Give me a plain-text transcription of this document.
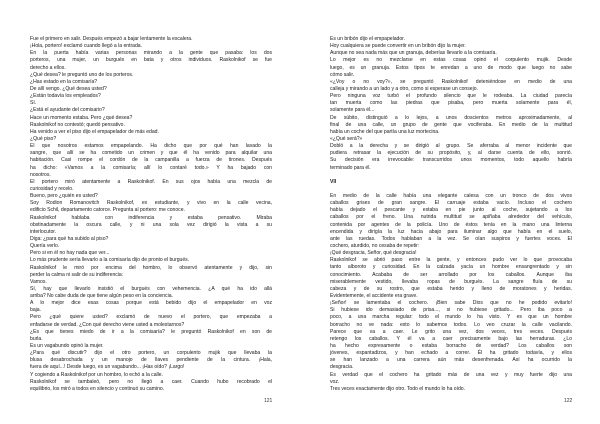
Fue el primero en salir. Después empezó a bajar lentamente la escalera.
¡Hola, portero! exclamó cuando llegó a la entrada.
En la puerta había varias personas mirando a la gente que pasaba: los dos
porteros, una mujer, un burgués en bata y otros individuos. Raskolnikof se fue
derecho a ellos.
¿Qué desea? le preguntó uno de los porteros.
¿Has estado en la comisaría?
De allí vengo. ¿Qué desea usted?
¿Están todavía los empleados?
Sí.
¿Está el ayudante del comisario?
Hace un momento estaba. Pero ¿qué desea?
Raskolnikof no contestó; quedó pensativo.
Ha venido a ver el piso dijo el empapelador de más edad.
¿Qué piso?
El que nosotros estamos empapelando. Ha dicho que por qué han lavado la
sangre, que allí se ha cometido un crimen y que él ha venido para alquilar una
habitación. Casi rompe el cordón de la campanilla a fuerza de tirones. Después
ha dicho: «Vamos a la comisaría; allí lo contaré todo.» Y ha bajado con
nosotros.
El portero miró atentamente a Raskolnikof. En sus ojos había una mezcla de
curiosidad y recelo.
Bueno, pero ¿quién es usted?
Soy Rodion Romanovitch Raskolnikof, ex estudiante, y vivo en la calle vecina,
edificio Schil, departamento catorce. Pregunta al portero: me conoce.
Raskolnikof hablaba con indiferencia y estaba pensativo. Miraba
obstinadamente la oscura calle, y ni una sola vez dirigió la vista a su
interlocutor.
Diga: ¿para qué ha subido al piso?
Quería verlo.
Pero si en él no hay nada que ver...
Lo más prudente sería llevarlo a la comisaría dijo de pronto el burgués.
Raskolnikof le miró por encima del hombro, lo observó atentamente y dijo, sin
perder la calma ni salir de su indiferencia:
Vamos.
Sí, hay que llevarlo insistió el burgués con vehemencia. ¿A qué ha ido allá
arriba? No cabe duda de que tiene algún peso en la conciencia.
A lo mejor dice esas cosas porque está bebido dijo el empapelador en voz
baja.
Pero ¿qué quiere usted? exclamó de nuevo el portero, que empezaba a
enfadarse de verdad. ¿Con qué derecho viene usted a molestarnos?
¿Es que tienes miedo de ir a la comisaría? le preguntó Raskolnikof en son de
burla.
Es un vagabundo opinó la mujer.
¿Para qué discutir? dijo el otro portero, un corpulento mujik que llevaba la
blusa desabrochada y un manojo de llaves pendiente de la cintura. ¡Hala,
fuera de aquí...! Desde luego, es un vagabundo... ¡Has oído? ¡Largo!
Y cogiendo a Raskolnikof por un hombro, lo echó a la calle.
Raskolnikof se tambaleó, pero no llegó a caer. Cuando hubo recobrado el
equilibrio, los miró a todos en silencio y continuó su camino.
121
Es un bribón dijo el empapelador.
Hoy cualquiera se puede convertir en un bribón dijo la mujer.
Aunque no sea nada más que un granuja, deberías llevarlo a la comisaría.
Lo mejor es no mezclarse en estas cosas opinó el corpulento mujik. Desde
luego, es un granuja. Estos tipos te enredan a uno de modo que luego no sabe
cómo salir.
«¿Voy o no voy?», se preguntó Raskolnikof deteniéndose en medio de una
calleja y mirando a un lado y a otro, como si esperase un consejo.
Pero ninguna voz turbó el profundo silencio que le rodeaba. La ciudad parecía
tan muerta como las piedras que pisaba, pero muerta solamente para él,
solamente para él...
De súbito, distinguió a lo lejos, a unos doscientos metros aproximadamente, al
final de una calle, un grupo de gente que vociferaba. En medio de la multitud
había un coche del que partía una luz mortecina.
«¿Qué será?»
Dobló a la derecha y se dirigió al grupo. Se aferraba al menor incidente que
pudiera retrasar la ejecución de su propósito, y, al darse cuenta de ello, sonrió.
Su decisión era irrevocable: transcurridos unos momentos, todo aquello habría
terminado para él.
VII
En medio de la calle había una elegante calesa con un tronco de dos vivos
caballos grises de gran sangre. El carruaje estaba vacío. Incluso el cochero
había dejado el pescante y estaba en pie junto al coche, sujetando a los
caballos por el freno. Una nutrida multitud se apiñaba alrededor del vehículo,
contenida por agentes de la policía. Uno de éstos tenía en la mano una linterna
encendida y dirigía la luz hacia abajo para iluminar algo que había en el suelo,
ante las ruedas. Todos hablaban a la vez. Se oían suspiros y fuertes voces. El
cochero, aturdido, no cesaba de repetir:
¡Qué desgracia, Señor, qué desgracia!
Raskolnikof se abrió paso entre la gente, y entonces pudo ver lo que provocaba
tanto alboroto y curiosidad. En la calzada yacía un hombre ensangrentado y sin
conocimiento. Acababa de ser arrollado por los caballos. Aunque iba
miserablemente vestido, llevaba ropas de burgués. La sangre fluía de su
cabeza y de su rostro, que estaba herido y lleno de moratones y heridas.
Evidentemente, el accidente era grave.
¡Señor! se lamentaba el cochero. ¡Bien sabe Dios que no he podido evitarlo!
Si hubiese ido demasiado de prisa..., si no hubiese gritado... Pero iba poco a
poco, a una marcha regular: todo el mundo lo ha visto. Y es que un hombre
borracho no ve nada: esto lo sabemos todos. Lo veo cruzar la calle vacilando.
Parece que va a caer. Le grito una vez, dos veces, tres veces. Después
retengo los caballos. Y él va a caer precisamente bajo las herraduras. ¿Lo
ha hecho expresamente o estaba borracho de verdad? Los caballos son
jóvenes, espantadizos, y han echado a correr. Él ha gritado todavía, y ellos
se han lanzado a una carrera aún más desenfrenada. Así ha ocurrido la
desgracia.
Es verdad que el cochero ha gritado más de una vez y muy fuerte dijo una
voz.
Tres veces exactamente dijo otro. Todo el mundo lo ha oído.
122
